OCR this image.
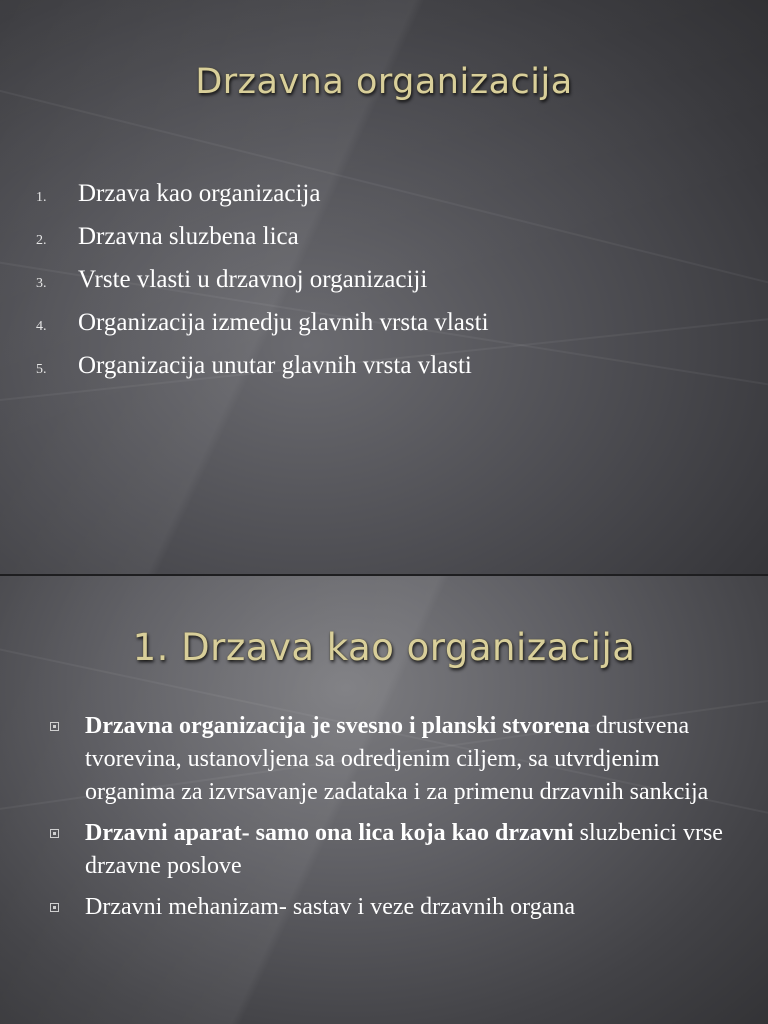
Drzavna organizacija
1.	Drzava kao organizacija
2.	Drzavna sluzbena lica
3.	Vrste vlasti u drzavnoj organizaciji
4.	Organizacija izmedju glavnih vrsta vlasti
5.	Organizacija unutar glavnih vrsta vlasti
1. Drzava kao organizacija
Drzavna organizacija je svesno i planski stvorena drustvena tvorevina, ustanovljena sa odredjenim ciljem, sa utvrdjenim organima za izvrsavanje zadataka i za primenu drzavnih sankcija
Drzavni aparat- samo ona lica koja kao drzavni sluzbenici vrse drzavne poslove
Drzavni mehanizam- sastav i veze drzavnih organa
